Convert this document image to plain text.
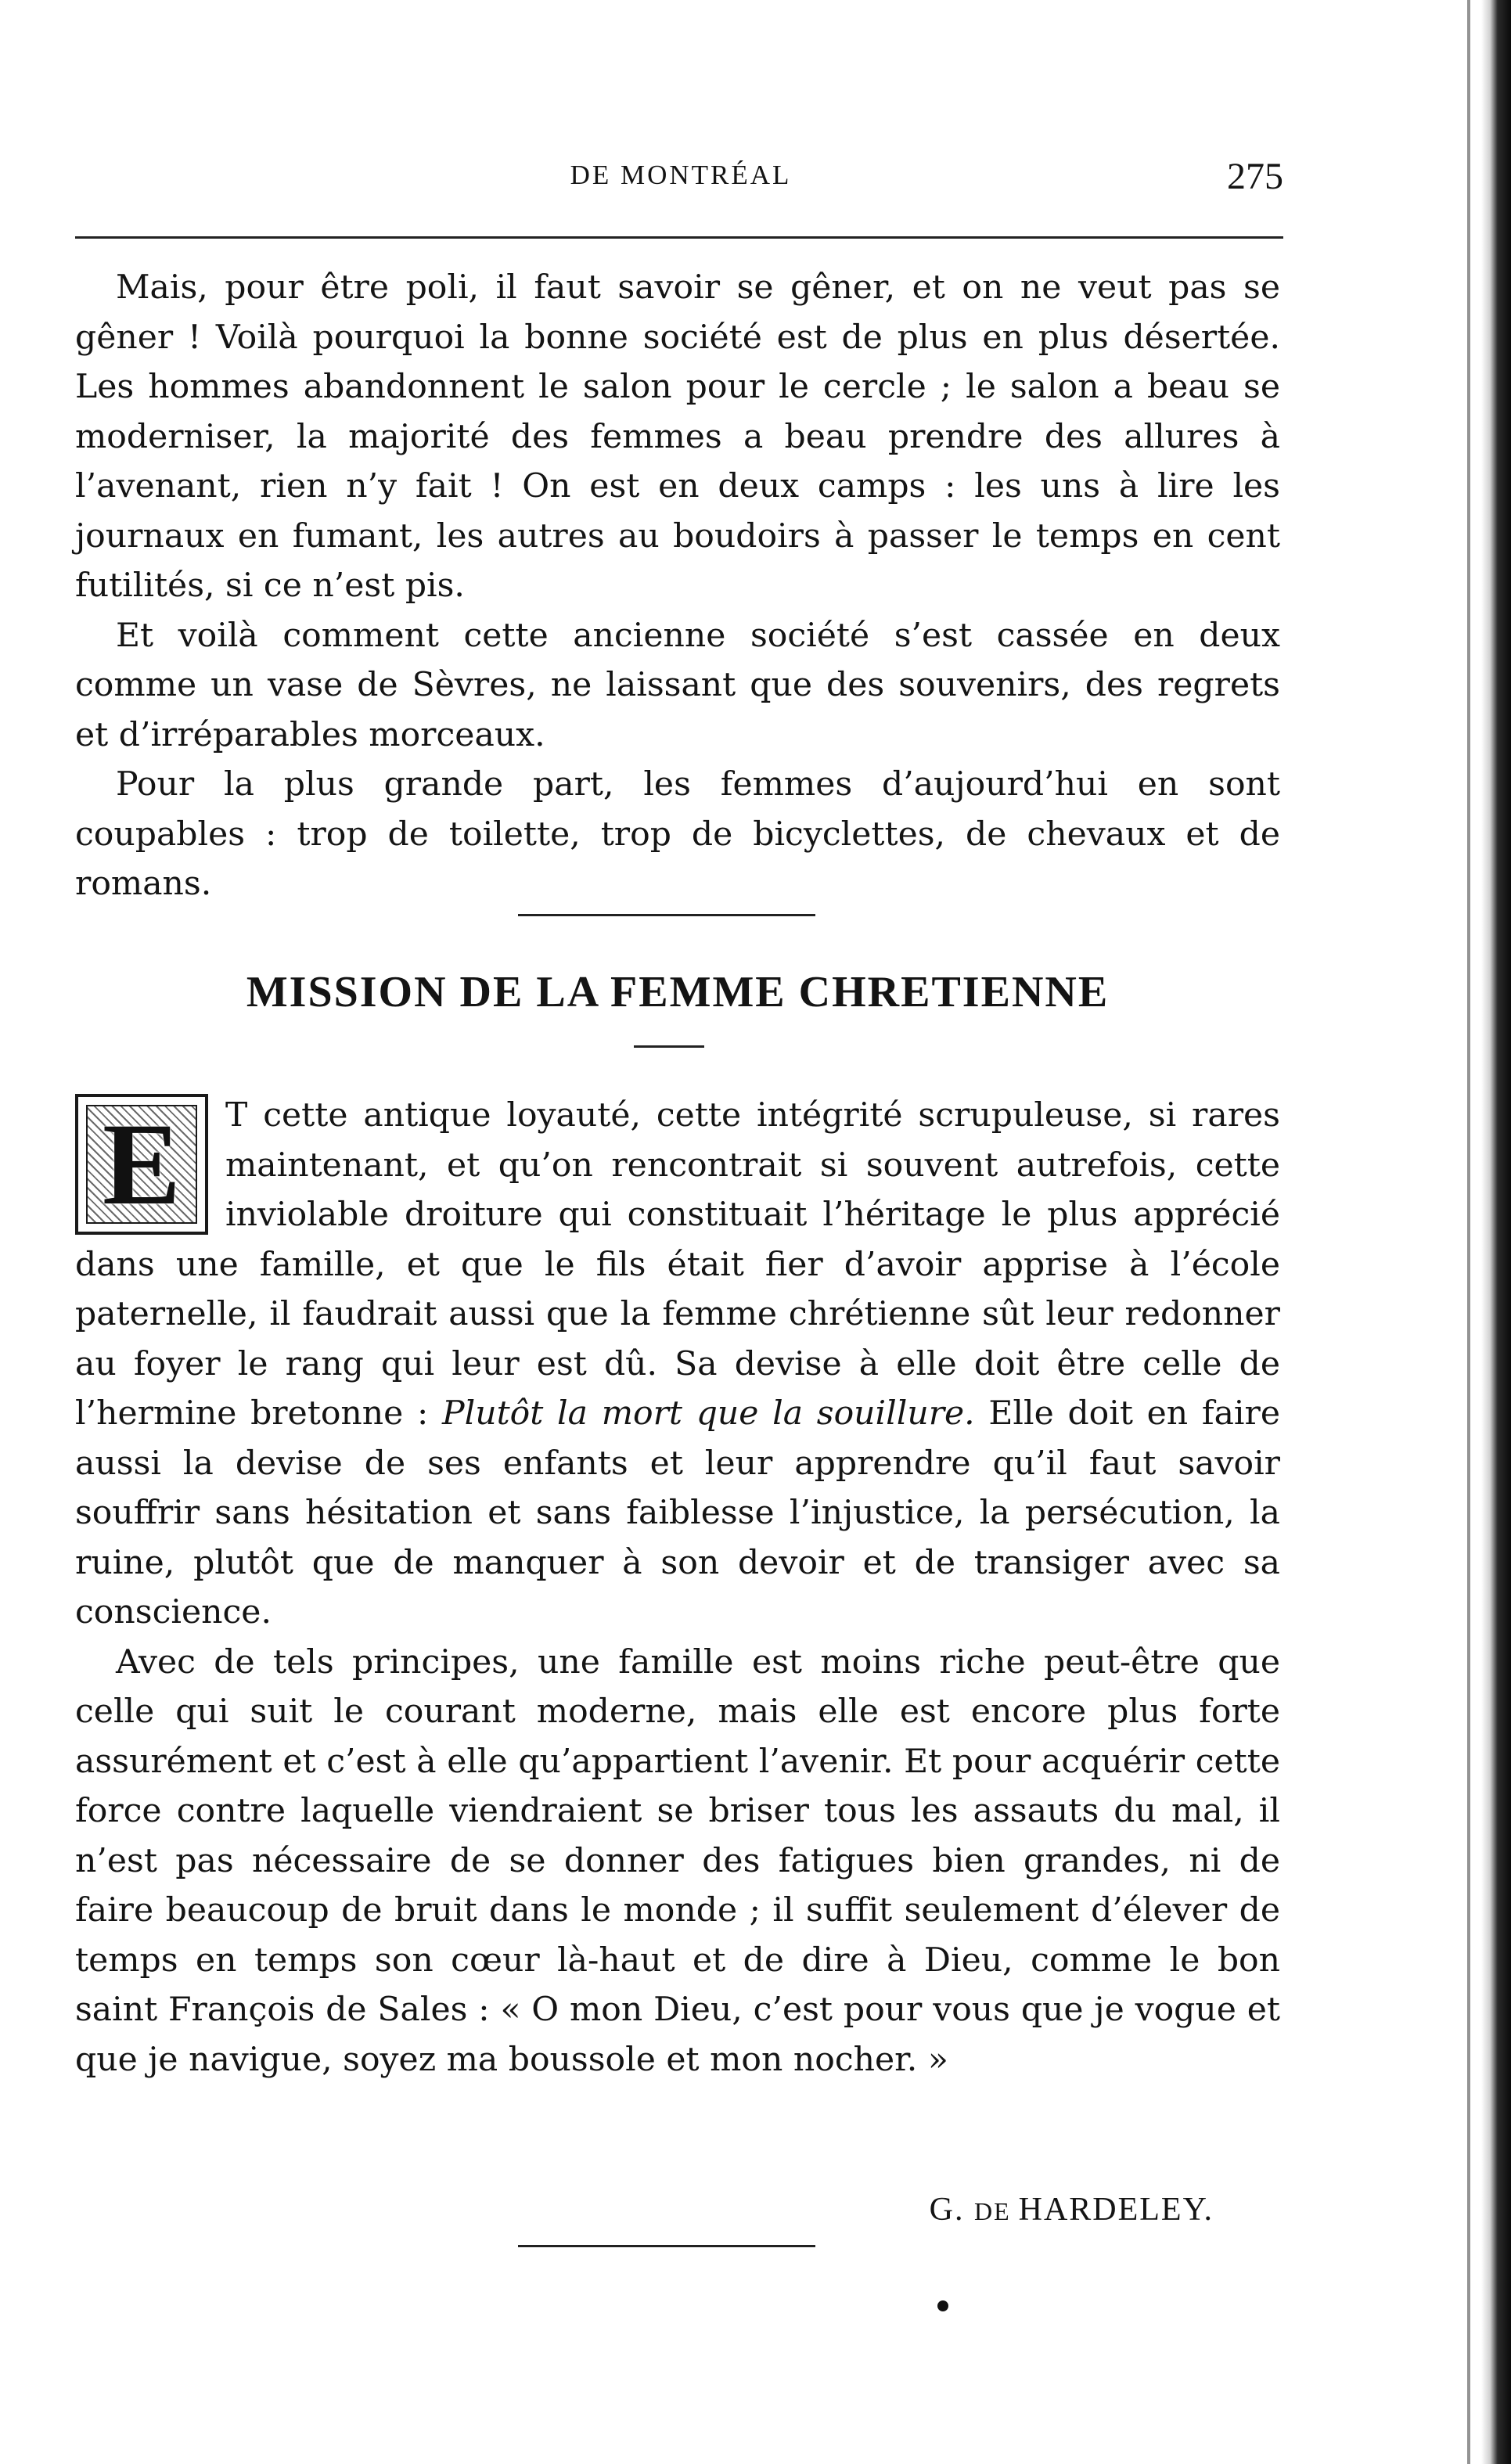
DE MONTRÉAL	275

Mais, pour être poli, il faut savoir se gêner, et on ne veut pas se gêner ! Voilà pourquoi la bonne société est de plus en plus désertée. Les hommes abandonnent le salon pour le cercle ; le salon a beau se moderniser, la majorité des femmes a beau prendre des allures à l’avenant, rien n’y fait ! On est en deux camps : les uns à lire les journaux en fumant, les autres au boudoirs à passer le temps en cent futilités, si ce n’est pis.

Et voilà comment cette ancienne société s’est cassée en deux comme un vase de Sèvres, ne laissant que des souvenirs, des regrets et d’irréparables morceaux.

Pour la plus grande part, les femmes d’aujourd’hui en sont coupables : trop de toilette, trop de bicyclettes, de chevaux et de romans.

MISSION DE LA FEMME CHRETIENNE
E	T cette antique loyauté, cette intégrité scrupuleuse, si rares maintenant, et qu’on rencontrait si souvent autrefois, cette inviolable droiture qui constituait l’héritage le plus apprécié dans une famille, et que le fils était fier d’avoir apprise à l’école paternelle, il faudrait aussi que la femme chrétienne sût leur redonner au foyer le rang qui leur est dû. Sa devise à elle doit être celle de l’hermine bretonne : Plutôt la mort que la souillure. Elle doit en faire aussi la devise de ses enfants et leur apprendre qu’il faut savoir souffrir sans hésitation et sans faiblesse l’injustice, la persécution, la ruine, plutôt que de manquer à son devoir et de transiger avec sa conscience.

Avec de tels principes, une famille est moins riche peut-être que celle qui suit le courant moderne, mais elle est encore plus forte assurément et c’est à elle qu’appartient l’avenir. Et pour acquérir cette force contre laquelle viendraient se briser tous les assauts du mal, il n’est pas nécessaire de se donner des fatigues bien grandes, ni de faire beaucoup de bruit dans le monde ; il suffit seulement d’élever de temps en temps son cœur là-haut et de dire à Dieu, comme le bon saint François de Sales : « O mon Dieu, c’est pour vous que je vogue et que je navigue, soyez ma boussole et mon nocher. »

G. DE HARDELEY.
